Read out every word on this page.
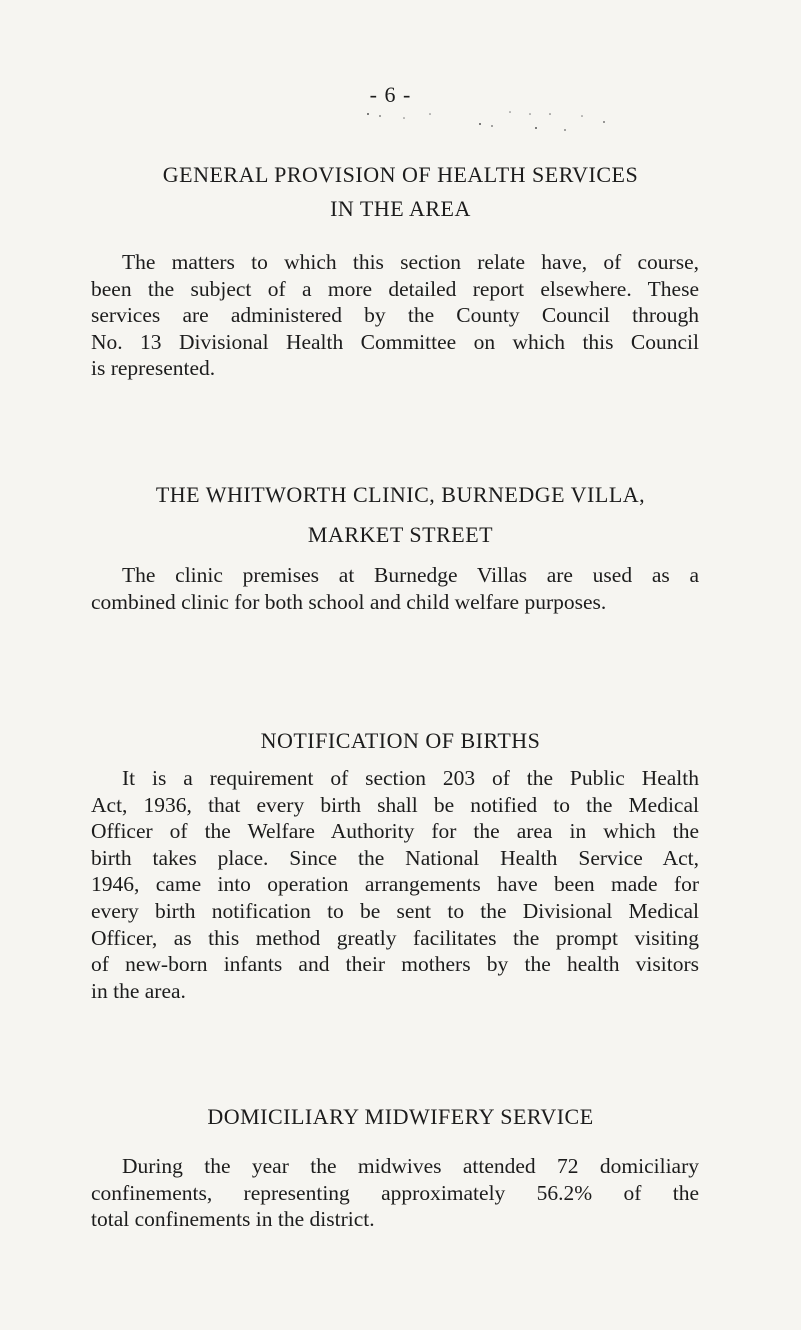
- 6 -
GENERAL PROVISION OF HEALTH SERVICES
IN THE AREA
The matters to which this section relate have, of course,
been the subject of a more detailed report elsewhere. These
services are administered by the County Council through
No. 13 Divisional Health Committee on which this Council
is represented.
THE WHITWORTH CLINIC, BURNEDGE VILLA,
MARKET STREET
The clinic premises at Burnedge Villas are used as a
combined clinic for both school and child welfare purposes.
NOTIFICATION OF BIRTHS
It is a requirement of section 203 of the Public Health
Act, 1936, that every birth shall be notified to the Medical
Officer of the Welfare Authority for the area in which the
birth takes place. Since the National Health Service Act,
1946, came into operation arrangements have been made for
every birth notification to be sent to the Divisional Medical
Officer, as this method greatly facilitates the prompt visiting
of new-born infants and their mothers by the health visitors
in the area.
DOMICILIARY MIDWIFERY SERVICE
During the year the midwives attended 72 domiciliary
confinements, representing approximately 56.2% of the
total confinements in the district.
